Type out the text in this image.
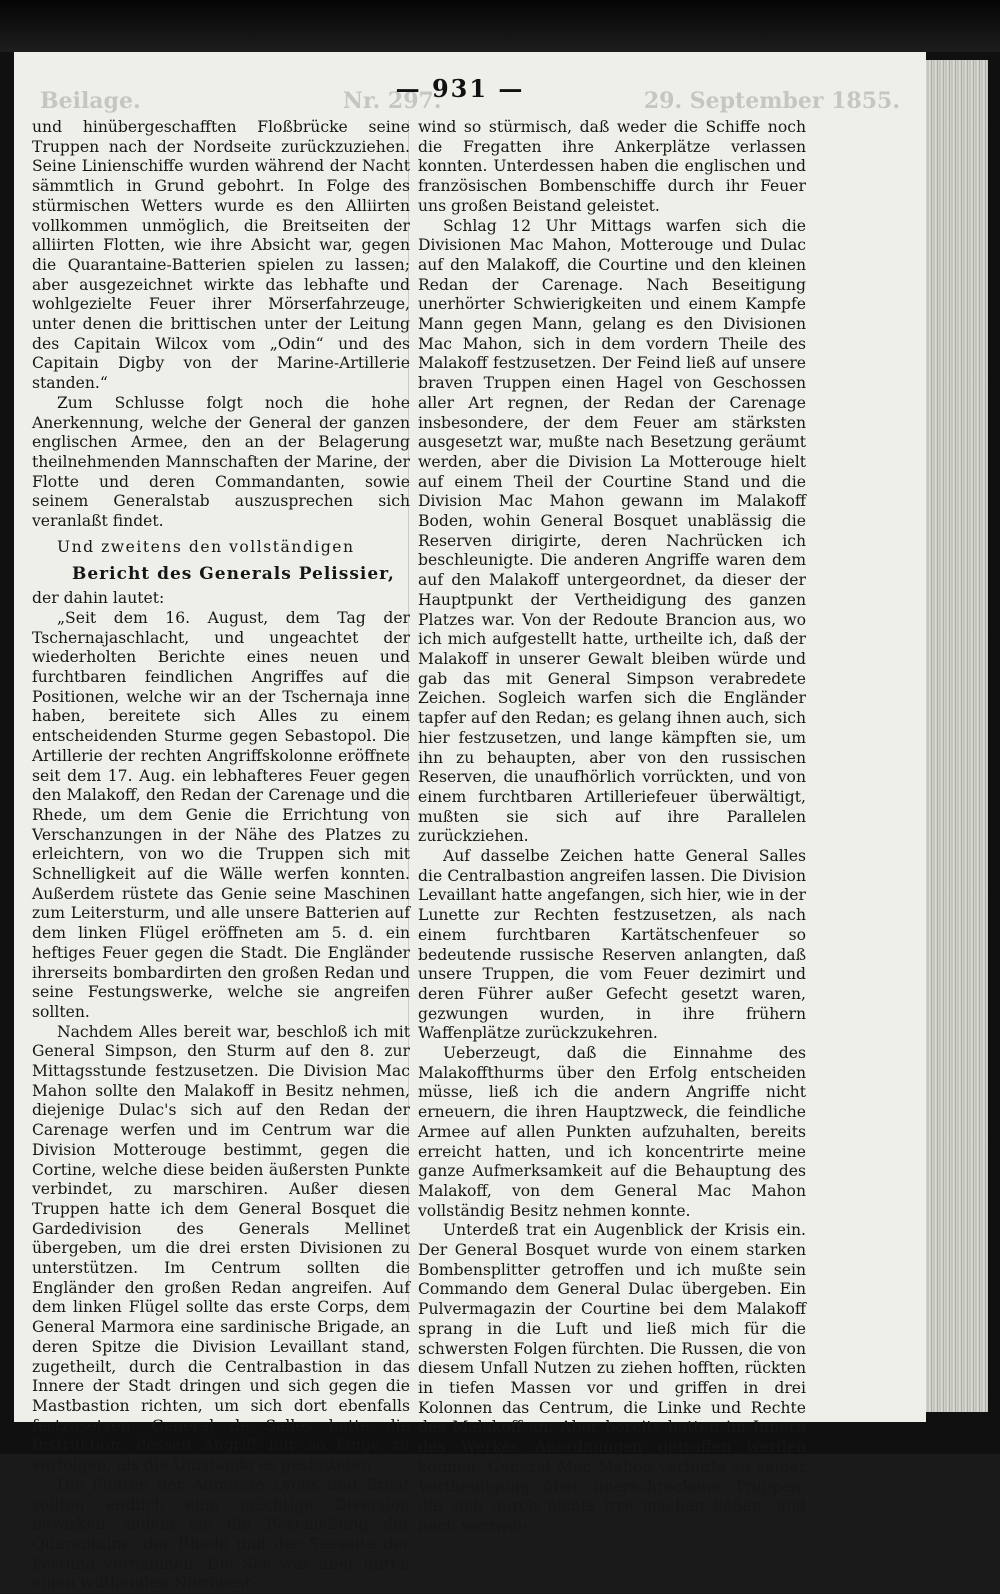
Beilage.	Nr. 297.	29. September 1855.
— 931 —

und hinübergeschafften Floßbrücke seine Truppen nach der Nordseite zurückzuziehen. Seine Linienschiffe wurden während der Nacht sämmtlich in Grund gebohrt. In Folge des stürmischen Wetters wurde es den Alliirten vollkommen unmöglich, die Breitseiten der alliirten Flotten, wie ihre Absicht war, gegen die Quarantaine-Batterien spielen zu lassen; aber ausgezeichnet wirkte das lebhafte und wohlgezielte Feuer ihrer Mörserfahrzeuge, unter denen die brittischen unter der Leitung des Capitain Wilcox vom „Odin“ und des Capitain Digby von der Marine-Artillerie standen.“

Zum Schlusse folgt noch die hohe Anerkennung, welche der General der ganzen englischen Armee, den an der Belagerung theilnehmenden Mannschaften der Marine, der Flotte und deren Commandanten, sowie seinem Generalstab auszusprechen sich veranlaßt findet.

Und zweitens den vollständigen

Bericht des Generals Pelissier,

der dahin lautet:

„Seit dem 16. August, dem Tag der Tschernajaschlacht, und ungeachtet der wiederholten Berichte eines neuen und furchtbaren feindlichen Angriffes auf die Positionen, welche wir an der Tschernaja inne haben, bereitete sich Alles zu einem entscheidenden Sturme gegen Sebastopol. Die Artillerie der rechten Angriffskolonne eröffnete seit dem 17. Aug. ein lebhafteres Feuer gegen den Malakoff, den Redan der Carenage und die Rhede, um dem Genie die Errichtung von Verschanzungen in der Nähe des Platzes zu erleichtern, von wo die Truppen sich mit Schnelligkeit auf die Wälle werfen konnten. Außerdem rüstete das Genie seine Maschinen zum Leitersturm, und alle unsere Batterien auf dem linken Flügel eröffneten am 5. d. ein heftiges Feuer gegen die Stadt. Die Engländer ihrerseits bombardirten den großen Redan und seine Festungswerke, welche sie angreifen sollten.

Nachdem Alles bereit war, beschloß ich mit General Simpson, den Sturm auf den 8. zur Mittagsstunde festzusetzen. Die Division Mac Mahon sollte den Malakoff in Besitz nehmen, diejenige Dulac's sich auf den Redan der Carenage werfen und im Centrum war die Division Motterouge bestimmt, gegen die Cortine, welche diese beiden äußersten Punkte verbindet, zu marschiren. Außer diesen Truppen hatte ich dem General Bosquet die Gardedivision des Generals Mellinet übergeben, um die drei ersten Divisionen zu unterstützen. Im Centrum sollten die Engländer den großen Redan angreifen. Auf dem linken Flügel sollte das erste Corps, dem General Marmora eine sardinische Brigade, an deren Spitze die Division Levaillant stand, zugetheilt, durch die Centralbastion in das Innere der Stadt dringen und sich gegen die Mastbastion richten, um sich dort ebenfalls festzusetzen. General de Salles hatte die Instruktion, dessen Angriff nur so lange zu verfolgen, als die Umstände es gestatteten.

Die Flotten der Admirale Lyons und Bruat sollten endlich eine mächtige Diversion bewirken, indem sie die Beschießung der Quarantaine, der Rhede und der Seeseite der Festung vornahmen. Die See war aber durch einen wüthenden Nordwest-

wind so stürmisch, daß weder die Schiffe noch die Fregatten ihre Ankerplätze verlassen konnten. Unterdessen haben die englischen und französischen Bombenschiffe durch ihr Feuer uns großen Beistand geleistet.

Schlag 12 Uhr Mittags warfen sich die Divisionen Mac Mahon, Motterouge und Dulac auf den Malakoff, die Courtine und den kleinen Redan der Carenage. Nach Beseitigung unerhörter Schwierigkeiten und einem Kampfe Mann gegen Mann, gelang es den Divisionen Mac Mahon, sich in dem vordern Theile des Malakoff festzusetzen. Der Feind ließ auf unsere braven Truppen einen Hagel von Geschossen aller Art regnen, der Redan der Carenage insbesondere, der dem Feuer am stärksten ausgesetzt war, mußte nach Besetzung geräumt werden, aber die Division La Motterouge hielt auf einem Theil der Courtine Stand und die Division Mac Mahon gewann im Malakoff Boden, wohin General Bosquet unablässig die Reserven dirigirte, deren Nachrücken ich beschleunigte. Die anderen Angriffe waren dem auf den Malakoff untergeordnet, da dieser der Hauptpunkt der Vertheidigung des ganzen Platzes war. Von der Redoute Brancion aus, wo ich mich aufgestellt hatte, urtheilte ich, daß der Malakoff in unserer Gewalt bleiben würde und gab das mit General Simpson verabredete Zeichen. Sogleich warfen sich die Engländer tapfer auf den Redan; es gelang ihnen auch, sich hier festzusetzen, und lange kämpften sie, um ihn zu behaupten, aber von den russischen Reserven, die unaufhörlich vorrückten, und von einem furchtbaren Artilleriefeuer überwältigt, mußten sie sich auf ihre Parallelen zurückziehen.

Auf dasselbe Zeichen hatte General Salles die Centralbastion angreifen lassen. Die Division Levaillant hatte angefangen, sich hier, wie in der Lunette zur Rechten festzusetzen, als nach einem furchtbaren Kartätschenfeuer so bedeutende russische Reserven anlangten, daß unsere Truppen, die vom Feuer dezimirt und deren Führer außer Gefecht gesetzt waren, gezwungen wurden, in ihre frühern Waffenplätze zurückzukehren.

Ueberzeugt, daß die Einnahme des Malakoffthurms über den Erfolg entscheiden müsse, ließ ich die andern Angriffe nicht erneuern, die ihren Hauptzweck, die feindliche Armee auf allen Punkten aufzuhalten, bereits erreicht hatten, und ich koncentrirte meine ganze Aufmerksamkeit auf die Behauptung des Malakoff, von dem General Mac Mahon vollständig Besitz nehmen konnte.

Unterdeß trat ein Augenblick der Krisis ein. Der General Bosquet wurde von einem starken Bombensplitter getroffen und ich mußte sein Commando dem General Dulac übergeben. Ein Pulvermagazin der Courtine bei dem Malakoff sprang in die Luft und ließ mich für die schwersten Folgen fürchten. Die Russen, die von diesem Unfall Nutzen zu ziehen hofften, rückten in tiefen Massen vor und griffen in drei Kolonnen das Centrum, die Linke und Rechte des Malakoff an. Aber bereits hatten im Innern des Werkes Anordnungen getroffen werden können; General Mac Mahon verfügte zu seiner Vertheidigung über unerschrockene Truppen, die sich durch nichts irre machen ließen, und nach verzwei-
